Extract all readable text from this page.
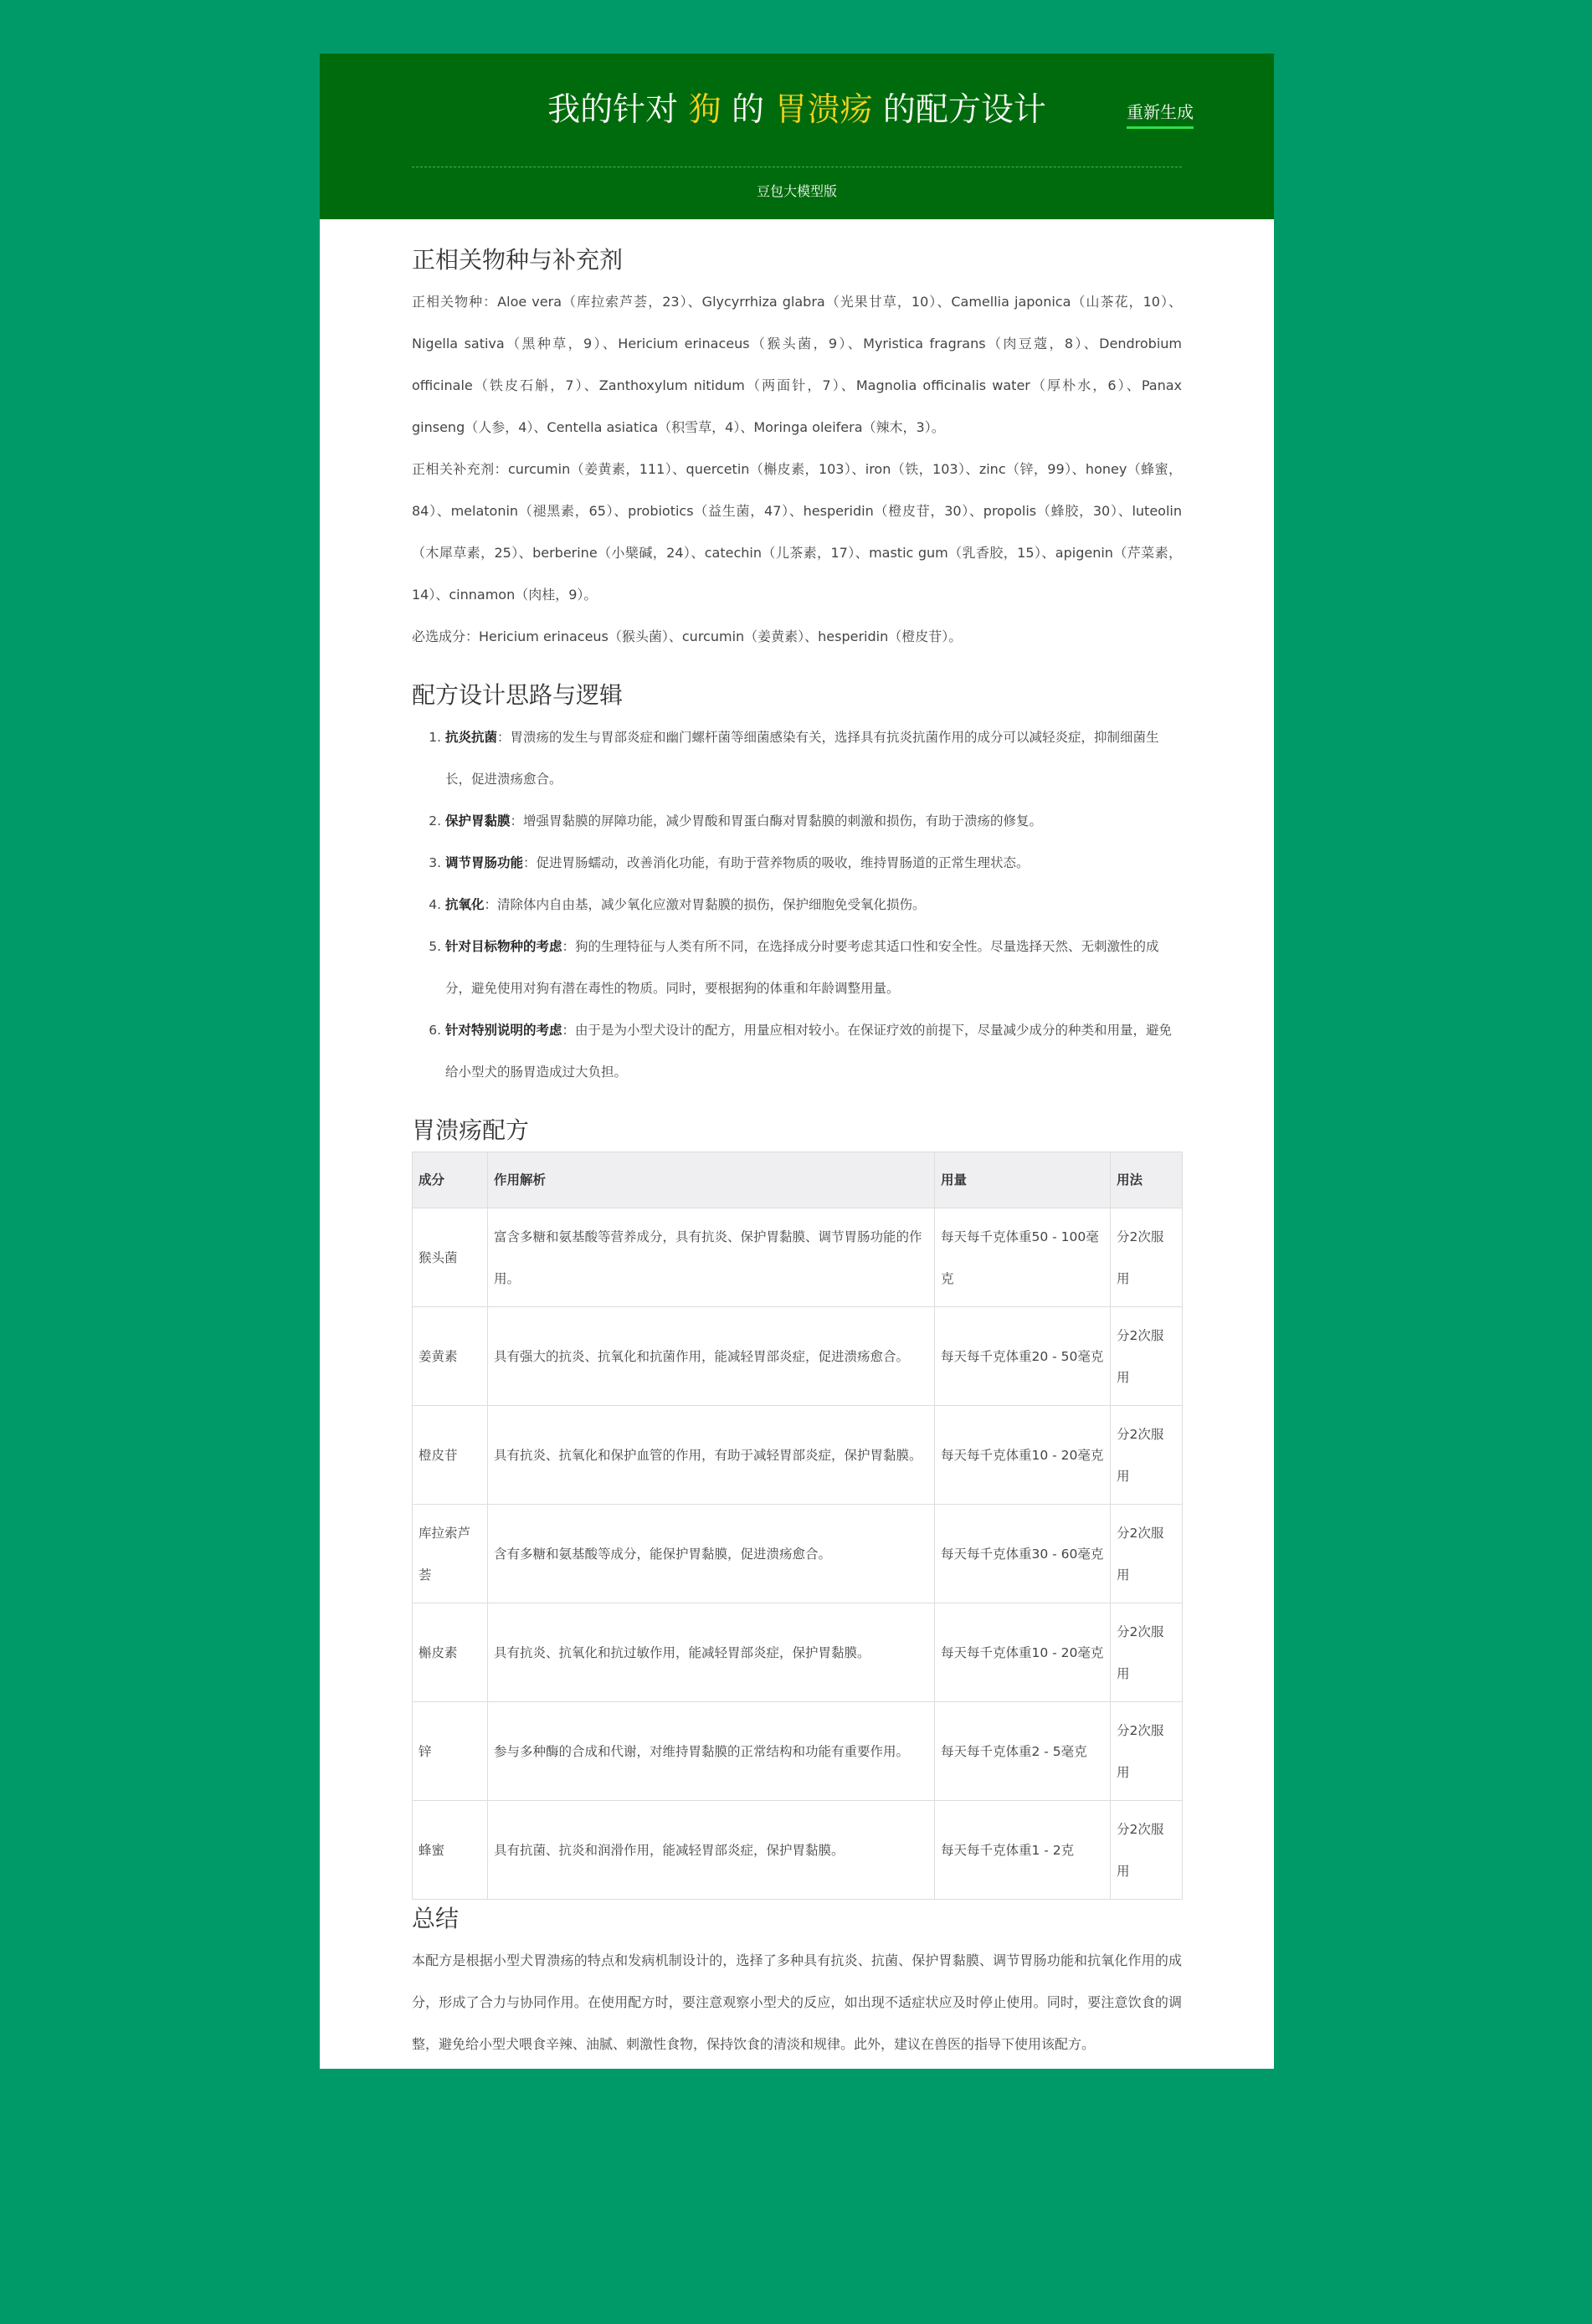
我的针对 狗 的 胃溃疡 的配方设计	重新生成
豆包大模型版
正相关物种与补充剂

正相关物种：Aloe vera（库拉索芦荟，23）、Glycyrrhiza glabra（光果甘草，10）、Camellia japonica（山茶花，10）、Nigella sativa（黑种草，9）、Hericium erinaceus（猴头菌，9）、Myristica fragrans（肉豆蔻，8）、Dendrobium officinale（铁皮石斛，7）、Zanthoxylum nitidum（两面针，7）、Magnolia officinalis water（厚朴水，6）、Panax ginseng（人参，4）、Centella asiatica（积雪草，4）、Moringa oleifera（辣木，3）。

正相关补充剂：curcumin（姜黄素，111）、quercetin（槲皮素，103）、iron（铁，103）、zinc（锌，99）、honey（蜂蜜，84）、melatonin（褪黑素，65）、probiotics（益生菌，47）、hesperidin（橙皮苷，30）、propolis（蜂胶，30）、luteolin（木犀草素，25）、berberine（小檗碱，24）、catechin（儿茶素，17）、mastic gum（乳香胶，15）、apigenin（芹菜素，14）、cinnamon（肉桂，9）。

必选成分：Hericium erinaceus（猴头菌）、curcumin（姜黄素）、hesperidin（橙皮苷）。

配方设计思路与逻辑
1. 抗炎抗菌：胃溃疡的发生与胃部炎症和幽门螺杆菌等细菌感染有关，选择具有抗炎抗菌作用的成分可以减轻炎症，抑制细菌生长，促进溃疡愈合。
2. 保护胃黏膜：增强胃黏膜的屏障功能，减少胃酸和胃蛋白酶对胃黏膜的刺激和损伤，有助于溃疡的修复。
3. 调节胃肠功能：促进胃肠蠕动，改善消化功能，有助于营养物质的吸收，维持胃肠道的正常生理状态。
4. 抗氧化：清除体内自由基，减少氧化应激对胃黏膜的损伤，保护细胞免受氧化损伤。
5. 针对目标物种的考虑：狗的生理特征与人类有所不同，在选择成分时要考虑其适口性和安全性。尽量选择天然、无刺激性的成分，避免使用对狗有潜在毒性的物质。同时，要根据狗的体重和年龄调整用量。
6. 针对特别说明的考虑：由于是为小型犬设计的配方，用量应相对较小。在保证疗效的前提下，尽量减少成分的种类和用量，避免给小型犬的肠胃造成过大负担。
胃溃疡配方
成分	作用解析	用量	用法
猴头菌	富含多糖和氨基酸等营养成分，具有抗炎、保护胃黏膜、调节胃肠功能的作用。	每天每千克体重50 - 100毫克	分2次服用
姜黄素	具有强大的抗炎、抗氧化和抗菌作用，能减轻胃部炎症，促进溃疡愈合。	每天每千克体重20 - 50毫克	分2次服用
橙皮苷	具有抗炎、抗氧化和保护血管的作用，有助于减轻胃部炎症，保护胃黏膜。	每天每千克体重10 - 20毫克	分2次服用
库拉索芦荟	含有多糖和氨基酸等成分，能保护胃黏膜，促进溃疡愈合。	每天每千克体重30 - 60毫克	分2次服用
槲皮素	具有抗炎、抗氧化和抗过敏作用，能减轻胃部炎症，保护胃黏膜。	每天每千克体重10 - 20毫克	分2次服用
锌	参与多种酶的合成和代谢，对维持胃黏膜的正常结构和功能有重要作用。	每天每千克体重2 - 5毫克	分2次服用
蜂蜜	具有抗菌、抗炎和润滑作用，能减轻胃部炎症，保护胃黏膜。	每天每千克体重1 - 2克	分2次服用
总结

本配方是根据小型犬胃溃疡的特点和发病机制设计的，选择了多种具有抗炎、抗菌、保护胃黏膜、调节胃肠功能和抗氧化作用的成分，形成了合力与协同作用。在使用配方时，要注意观察小型犬的反应，如出现不适症状应及时停止使用。同时，要注意饮食的调整，避免给小型犬喂食辛辣、油腻、刺激性食物，保持饮食的清淡和规律。此外，建议在兽医的指导下使用该配方。
